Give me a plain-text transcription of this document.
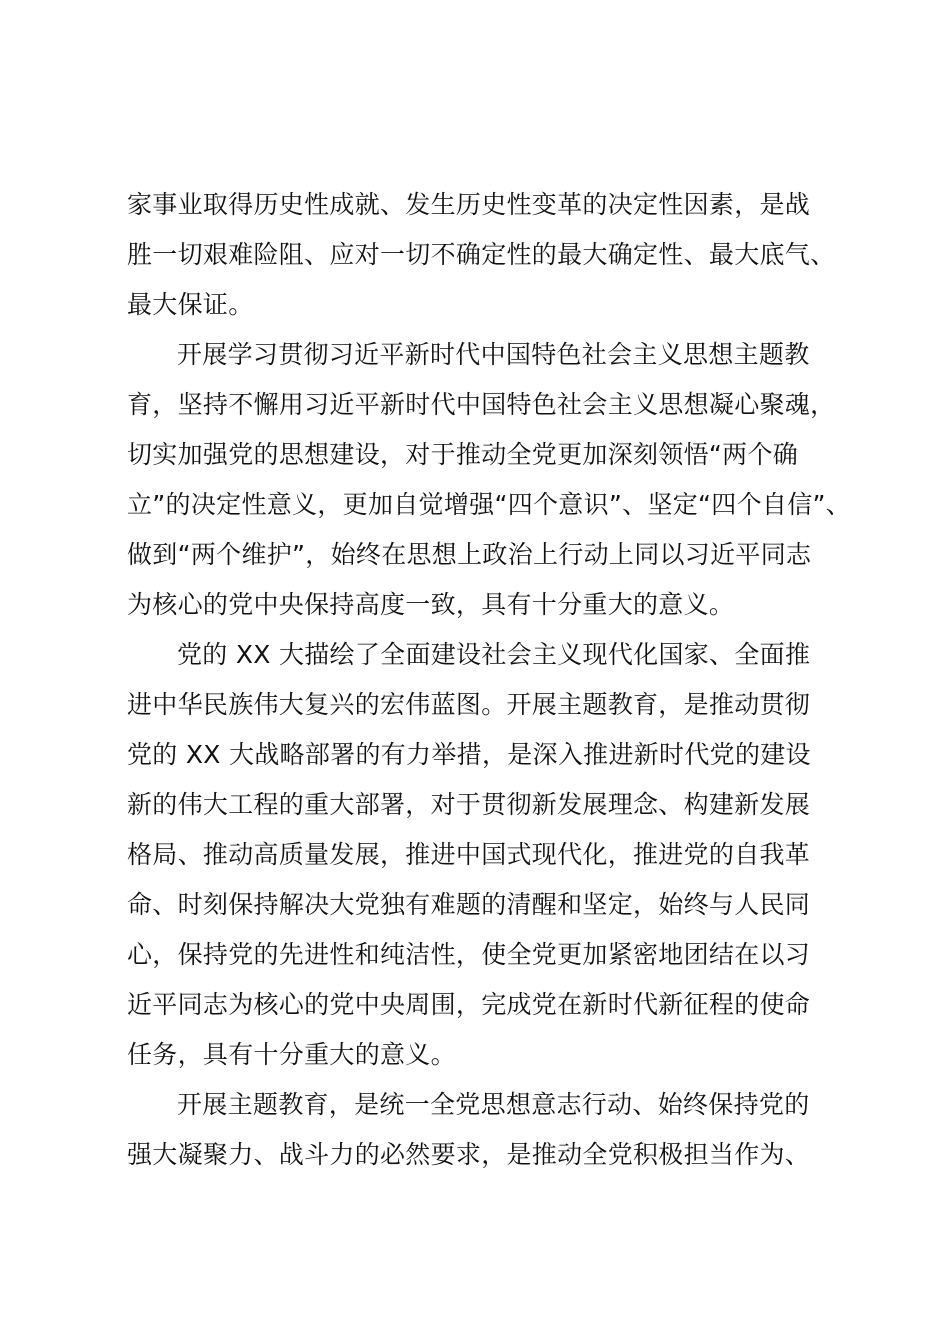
家事业取得历史性成就、发生历史性变革的决定性因素，是战
胜一切艰难险阻、应对一切不确定性的最大确定性、最大底气、
最大保证。
开展学习贯彻习近平新时代中国特色社会主义思想主题教
育，坚持不懈用习近平新时代中国特色社会主义思想凝心聚魂，
切实加强党的思想建设，对于推动全党更加深刻领悟“两个确
立”的决定性意义，更加自觉增强“四个意识”、坚定“四个自信”、
做到“两个维护”，始终在思想上政治上行动上同以习近平同志
为核心的党中央保持高度一致，具有十分重大的意义。
党的 XX 大描绘了全面建设社会主义现代化国家、全面推
进中华民族伟大复兴的宏伟蓝图。开展主题教育，是推动贯彻
党的 XX 大战略部署的有力举措，是深入推进新时代党的建设
新的伟大工程的重大部署，对于贯彻新发展理念、构建新发展
格局、推动高质量发展，推进中国式现代化，推进党的自我革
命、时刻保持解决大党独有难题的清醒和坚定，始终与人民同
心，保持党的先进性和纯洁性，使全党更加紧密地团结在以习
近平同志为核心的党中央周围，完成党在新时代新征程的使命
任务，具有十分重大的意义。
开展主题教育，是统一全党思想意志行动、始终保持党的
强大凝聚力、战斗力的必然要求，是推动全党积极担当作为、
